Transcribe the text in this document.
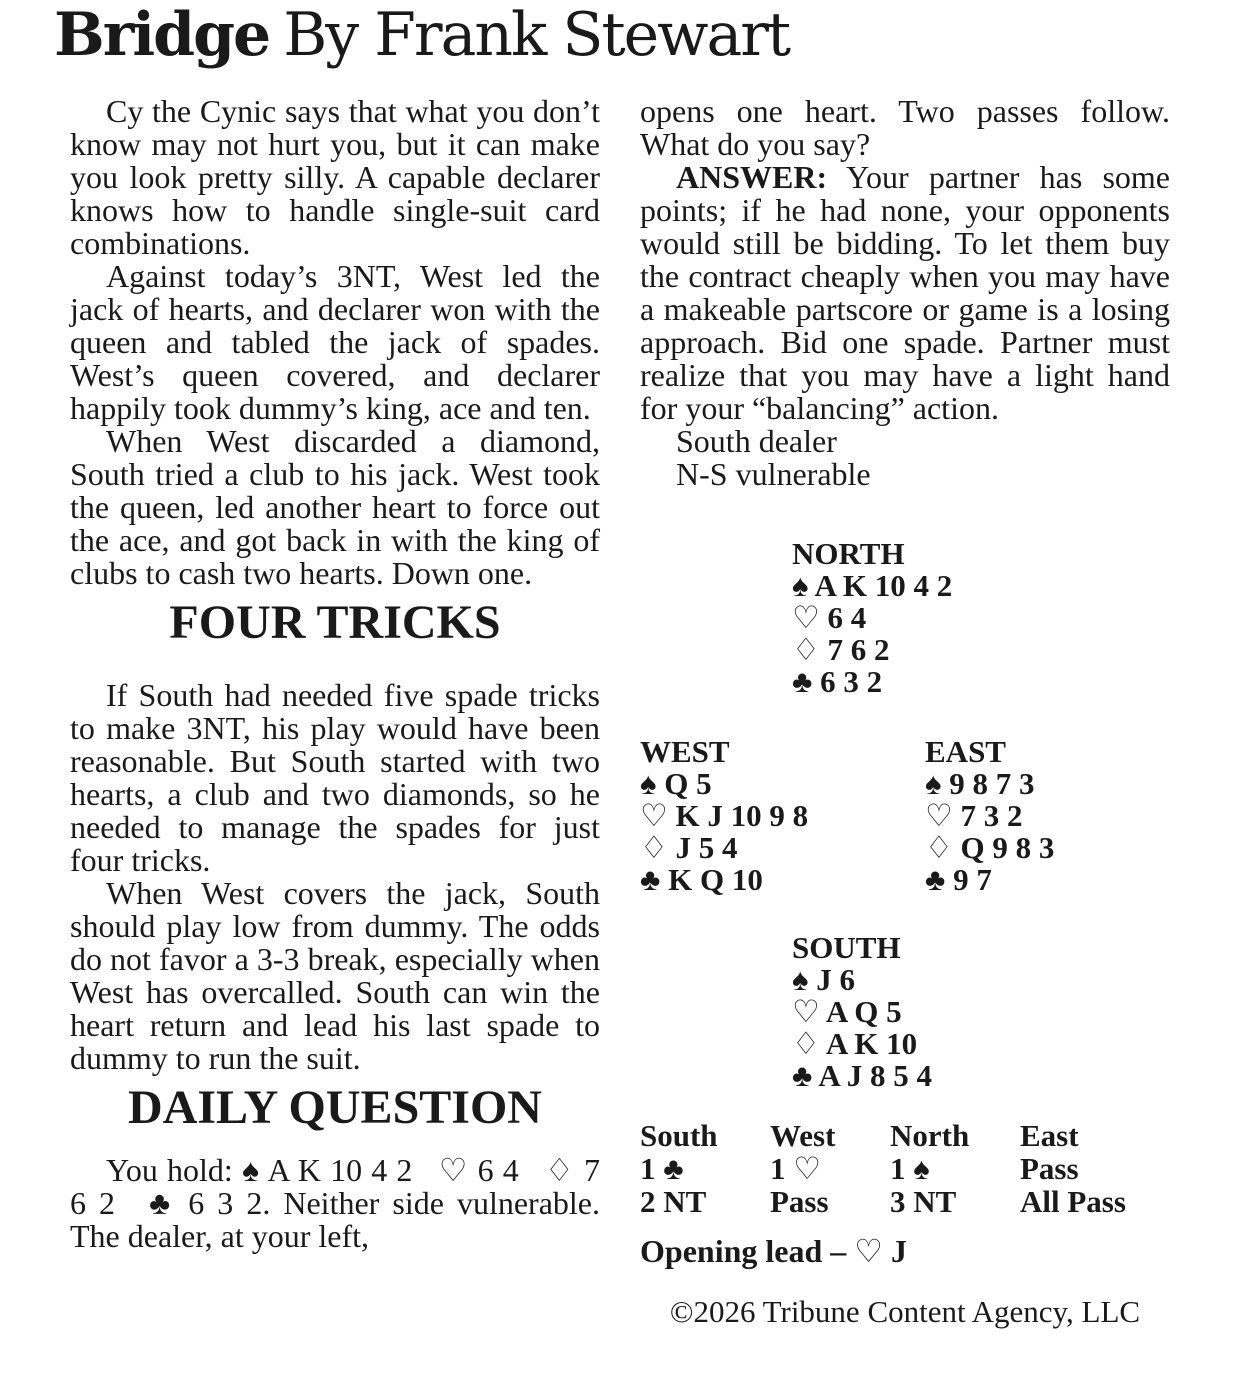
Bridge By Frank Stewart

Cy the Cynic says that what you don’t know may not hurt you, but it can make you look pretty silly. A capable declarer knows how to handle single-suit card combinations.

Against today’s 3NT, West led the jack of hearts, and declarer won with the queen and tabled the jack of spades. West’s queen covered, and declarer happily took dummy’s king, ace and ten.

When West discarded a diamond, South tried a club to his jack. West took the queen, led another heart to force out the ace, and got back in with the king of clubs to cash two hearts. Down one.

FOUR TRICKS

If South had needed five spade tricks to make 3NT, his play would have been reasonable. But South started with two hearts, a club and two diamonds, so he needed to manage the spades for just four tricks.

When West covers the jack, South should play low from dummy. The odds do not favor a 3-3 break, especially when West has overcalled. South can win the heart return and lead his last spade to dummy to run the suit.

DAILY QUESTION

You hold: ♠ A K 10 4 2  ♡ 6 4  ♢ 7 6 2  ♣ 6 3 2. Neither side vulnerable. The dealer, at your left,

opens one heart. Two passes follow. What do you say?

ANSWER: Your partner has some points; if he had none, your opponents would still be bidding. To let them buy the contract cheaply when you may have a makeable partscore or game is a losing approach. Bid one spade. Partner must realize that you may have a light hand for your “balancing” action.

South dealer

N-S vulnerable

NORTH
♠ A K 10 4 2
♡ 6 4
♢ 7 6 2
♣ 6 3 2
WEST
♠ Q 5
♡ K J 10 9 8
♢ J 5 4
♣ K Q 10
EAST
♠ 9 8 7 3
♡ 7 3 2
♢ Q 9 8 3
♣ 9 7
SOUTH
♠ J 6
♡ A Q 5
♢ A K 10
♣ A J 8 5 4
South	West	North	East
1 ♣	1 ♡	1 ♠	Pass
2 NT	Pass	3 NT	All Pass

Opening lead – ♡ J

©2026 Tribune Content Agency, LLC
